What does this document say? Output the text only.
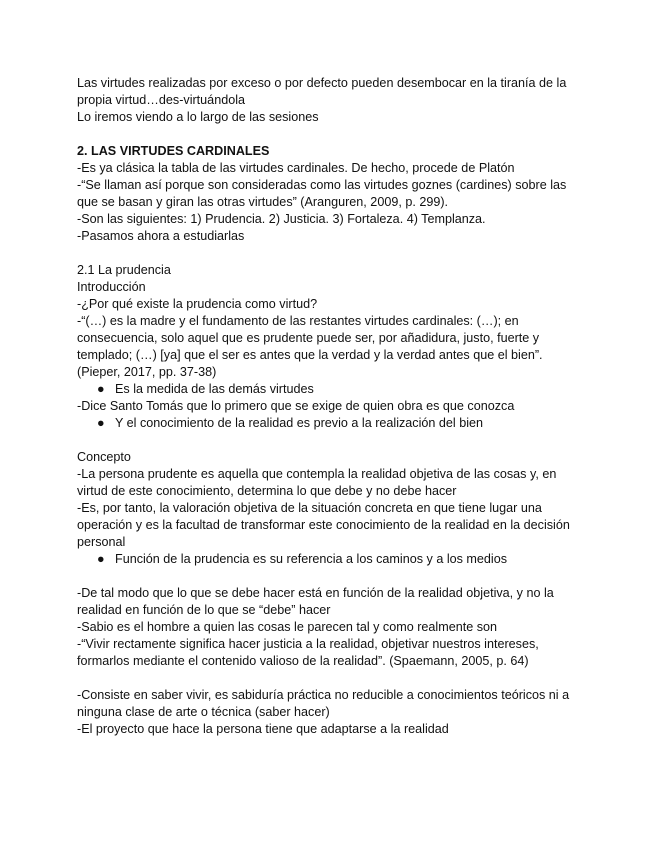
Las virtudes realizadas por exceso o por defecto pueden desembocar en la tiranía de la propia virtud…des-virtuándola

Lo iremos viendo a lo largo de las sesiones

2. LAS VIRTUDES CARDINALES

-Es ya clásica la tabla de las virtudes cardinales. De hecho, procede de Platón

-“Se llaman así porque son consideradas como las virtudes goznes (cardines) sobre las que se basan y giran las otras virtudes” (Aranguren, 2009, p. 299).

-Son las siguientes: 1) Prudencia. 2) Justicia. 3) Fortaleza. 4) Templanza.

-Pasamos ahora a estudiarlas

2.1 La prudencia

Introducción

-¿Por qué existe la prudencia como virtud?

-“(…) es la madre y el fundamento de las restantes virtudes cardinales: (…); en consecuencia, solo aquel que es prudente puede ser, por añadidura, justo, fuerte y templado; (…) [ya] que el ser es antes que la verdad y la verdad antes que el bien”. (Pieper, 2017, pp. 37-38)

● Es la medida de las demás virtudes

-Dice Santo Tomás que lo primero que se exige de quien obra es que conozca

● Y el conocimiento de la realidad es previo a la realización del bien

Concepto

-La persona prudente es aquella que contempla la realidad objetiva de las cosas y, en virtud de este conocimiento, determina lo que debe y no debe hacer

-Es, por tanto, la valoración objetiva de la situación concreta en que tiene lugar una operación y es la facultad de transformar este conocimiento de la realidad en la decisión personal

● Función de la prudencia es su referencia a los caminos y a los medios

-De tal modo que lo que se debe hacer está en función de la realidad objetiva, y no la realidad en función de lo que se “debe” hacer

-Sabio es el hombre a quien las cosas le parecen tal y como realmente son

-“Vivir rectamente significa hacer justicia a la realidad, objetivar nuestros intereses, formarlos mediante el contenido valioso de la realidad”. (Spaemann, 2005, p. 64)

-Consiste en saber vivir, es sabiduría práctica no reducible a conocimientos teóricos ni a ninguna clase de arte o técnica (saber hacer)

-El proyecto que hace la persona tiene que adaptarse a la realidad
